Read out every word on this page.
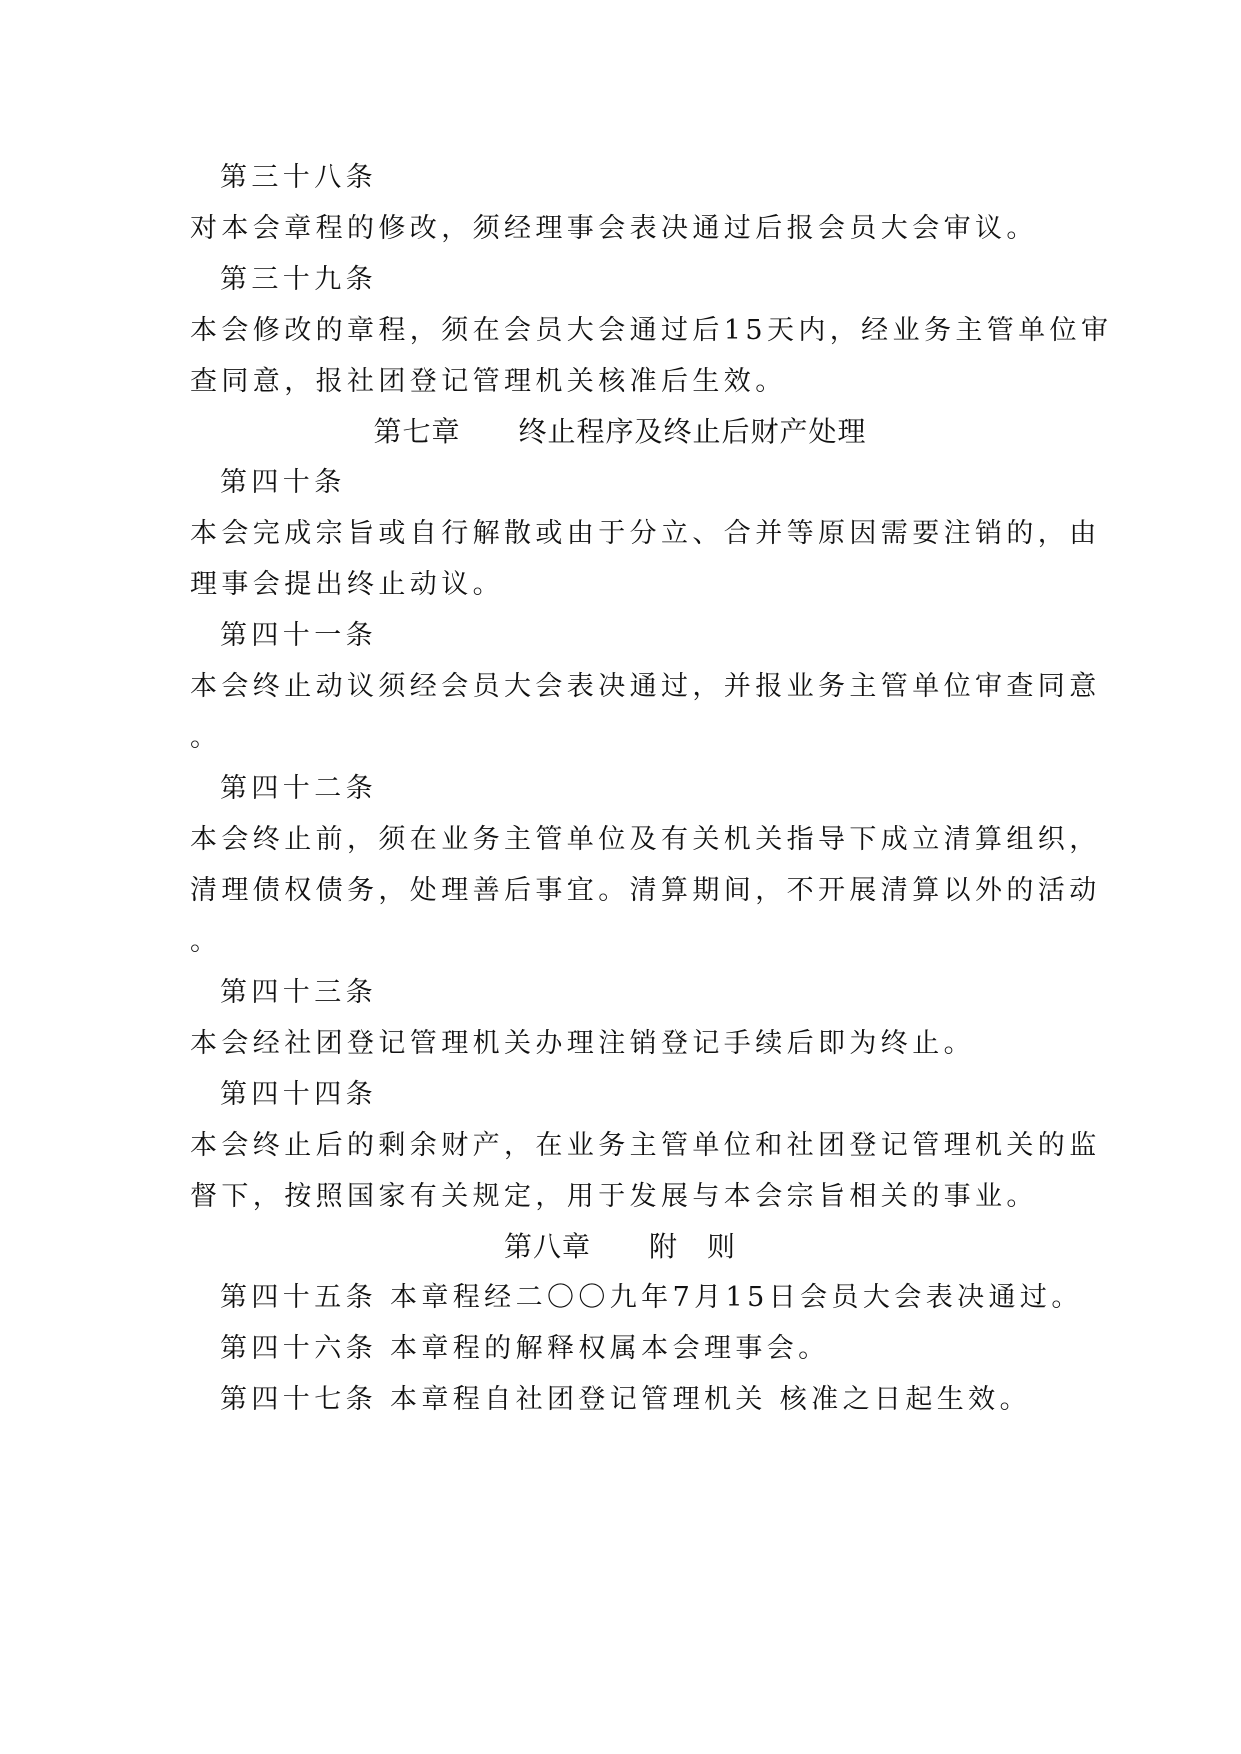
第三十八条
对本会章程的修改，须经理事会表决通过后报会员大会审议。
第三十九条
本会修改的章程，须在会员大会通过后15天内，经业务主管单位审
查同意，报社团登记管理机关核准后生效。
第七章　　终止程序及终止后财产处理
第四十条
本会完成宗旨或自行解散或由于分立、合并等原因需要注销的，由
理事会提出终止动议。
第四十一条
本会终止动议须经会员大会表决通过，并报业务主管单位审查同意
。
第四十二条
本会终止前，须在业务主管单位及有关机关指导下成立清算组织，
清理债权债务，处理善后事宜。清算期间，不开展清算以外的活动
。
第四十三条
本会经社团登记管理机关办理注销登记手续后即为终止。
第四十四条
本会终止后的剩余财产，在业务主管单位和社团登记管理机关的监
督下，按照国家有关规定，用于发展与本会宗旨相关的事业。
第八章　　附　则
第四十五条 本章程经二〇〇九年7月15日会员大会表决通过。
第四十六条 本章程的解释权属本会理事会。
第四十七条 本章程自社团登记管理机关 核准之日起生效。
